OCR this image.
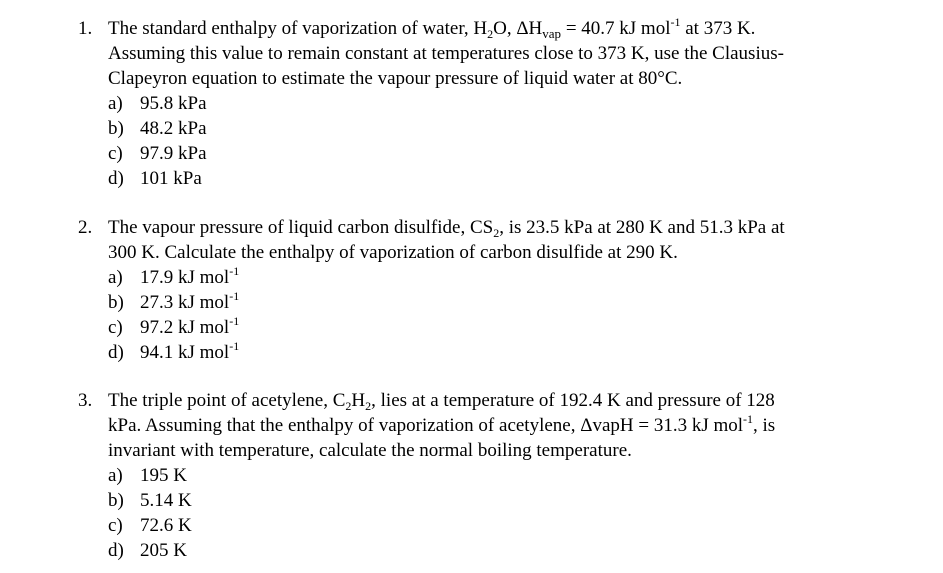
1. The standard enthalpy of vaporization of water, $H_2O$, $\Delta H_{vap} = 40.7$ kJ mol$^{-1}$ at 373 K.
Assuming this value to remain constant at temperatures close to 373 K, use the Clausius-
Clapeyron equation to estimate the vapour pressure of liquid water at 80°C.
a) 95.8 kPa
b) 48.2 kPa
c) 97.9 kPa
d) 101 kPa
2. The vapour pressure of liquid carbon disulfide, $CS_2$, is 23.5 kPa at 280 K and 51.3 kPa at
300 K. Calculate the enthalpy of vaporization of carbon disulfide at 290 K.
a) 17.9 kJ mol$^{-1}$
b) 27.3 kJ mol$^{-1}$
c) 97.2 kJ mol$^{-1}$
d) 94.1 kJ mol$^{-1}$
3. The triple point of acetylene, $C_2H_2$, lies at a temperature of 192.4 K and pressure of 128
kPa. Assuming that the enthalpy of vaporization of acetylene, ΔvapH = 31.3 kJ mol$^{-1}$, is
invariant with temperature, calculate the normal boiling temperature.
a) 195 K
b) 5.14 K
c) 72.6 K
d) 205 K
